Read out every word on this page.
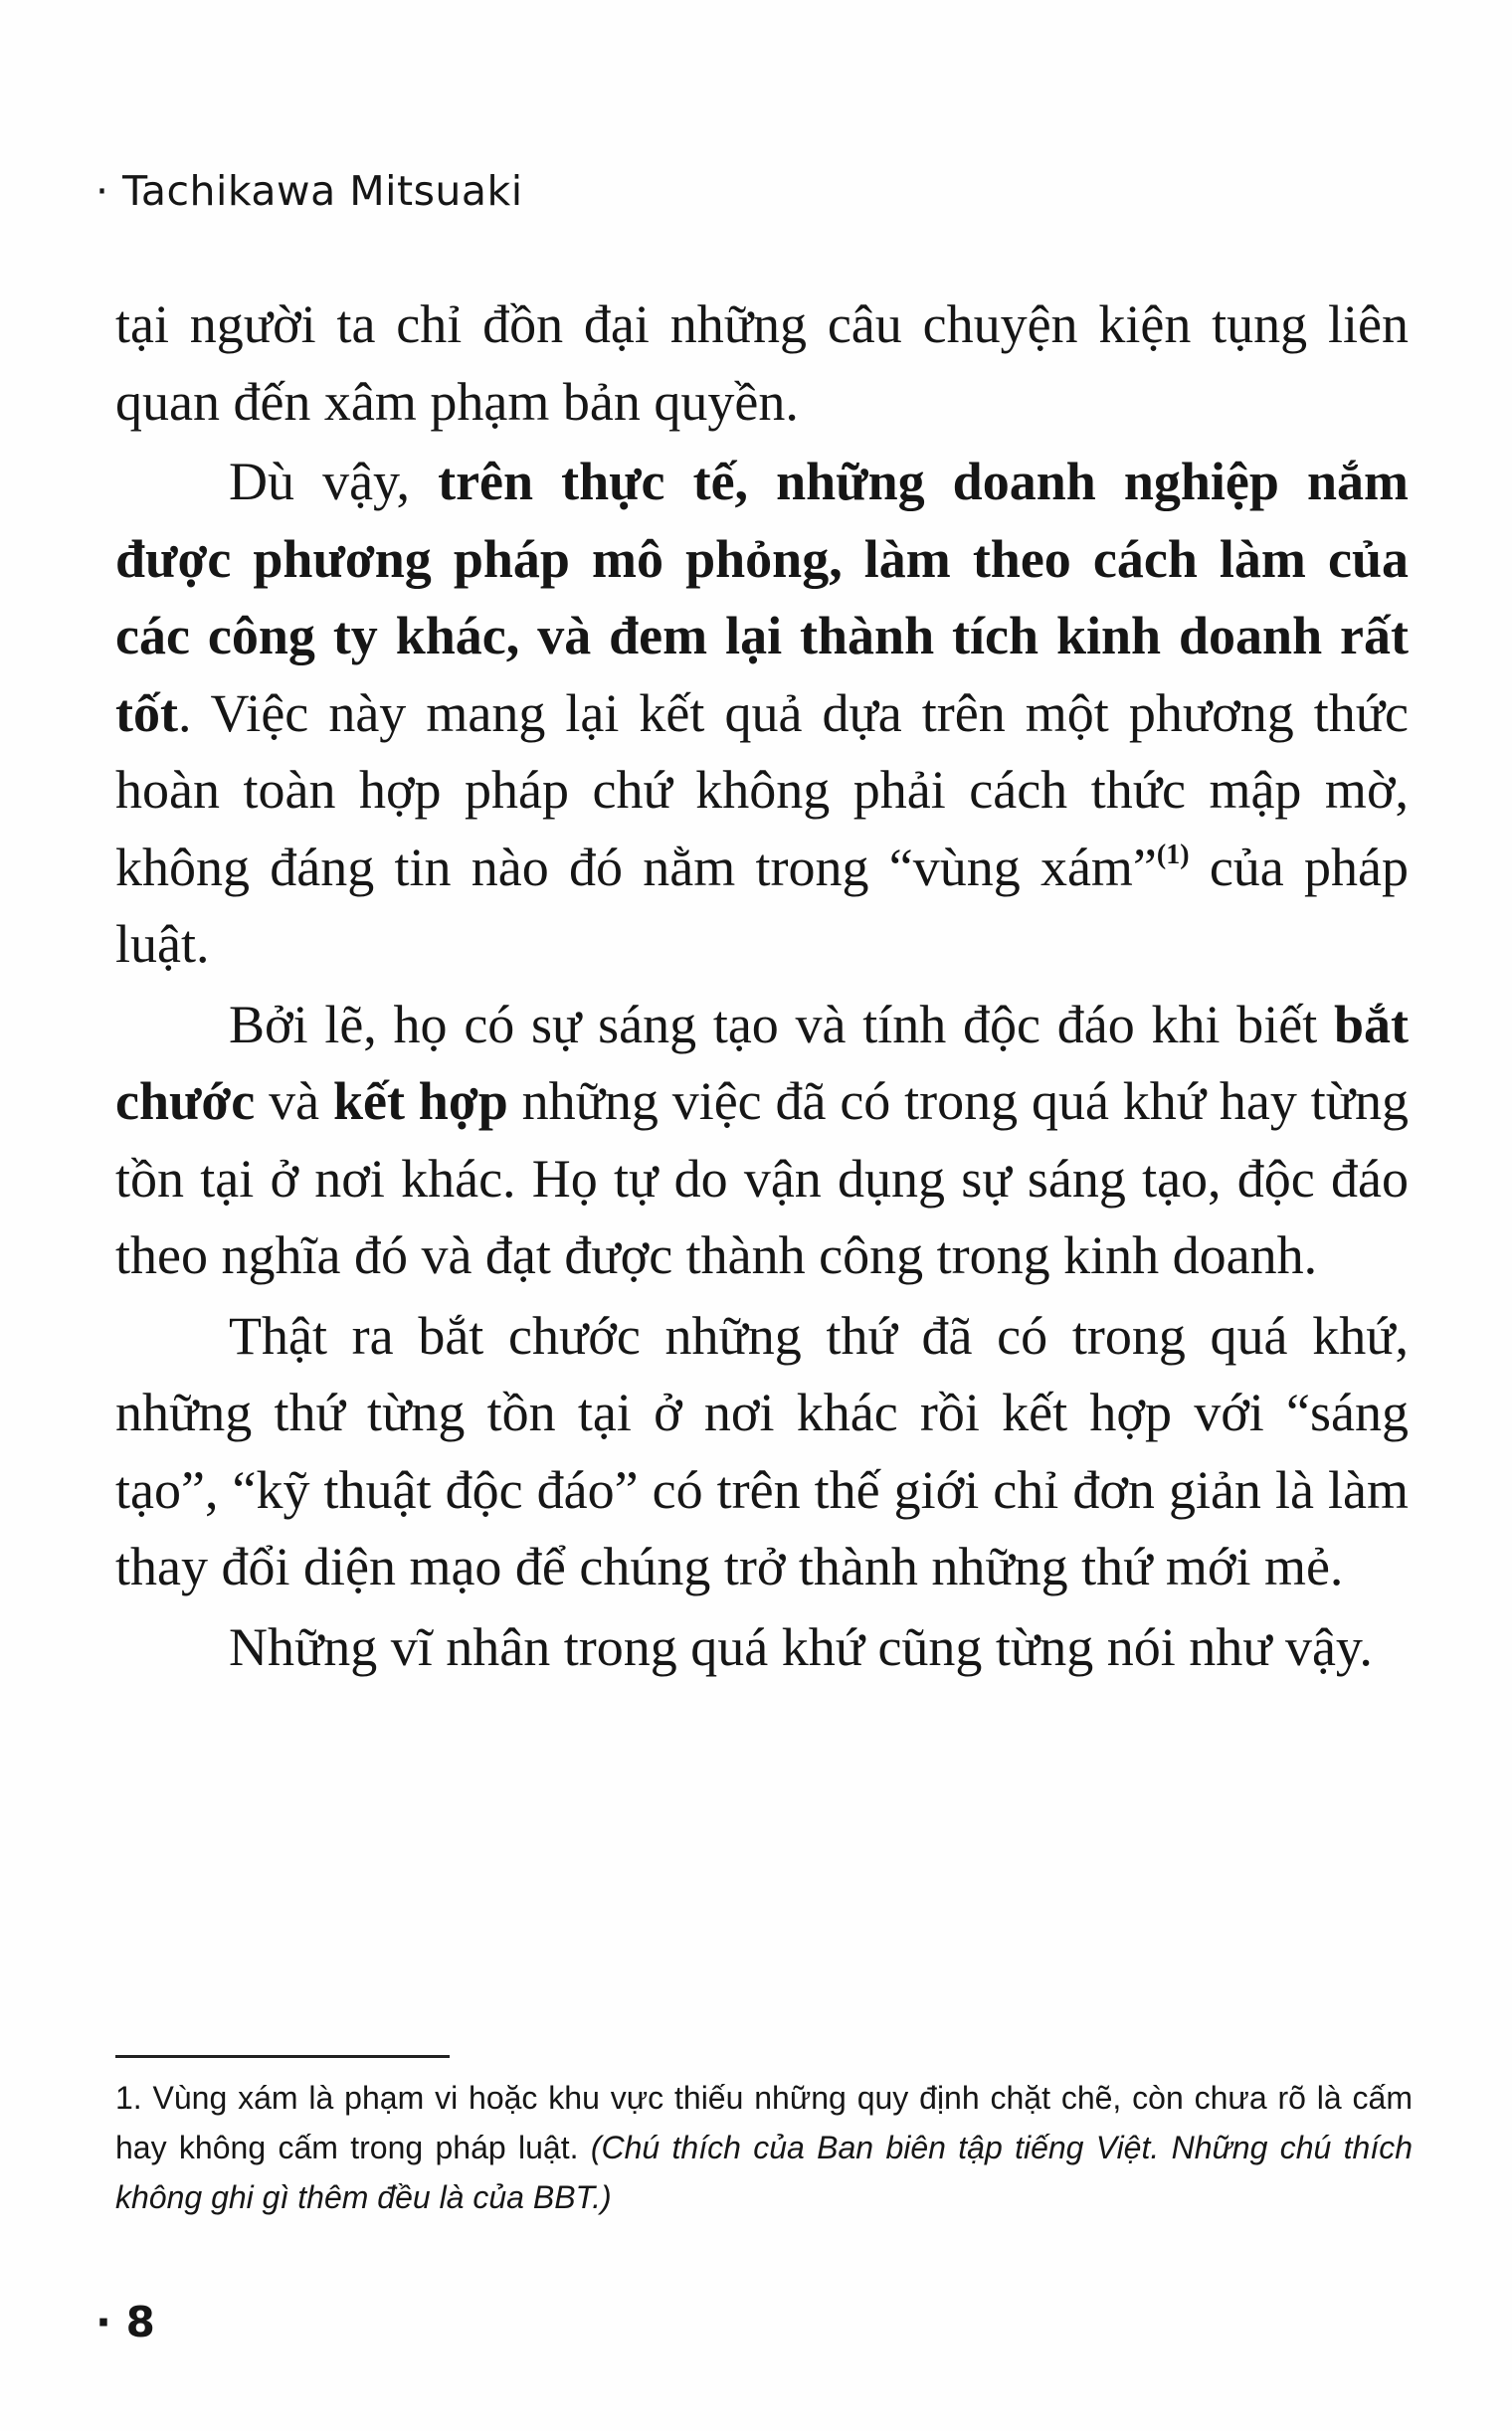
· Tachikawa Mitsuaki

tại người ta chỉ đồn đại những câu chuyện kiện tụng liên quan đến xâm phạm bản quyền.

Dù vậy, trên thực tế, những doanh nghiệp nắm được phương pháp mô phỏng, làm theo cách làm của các công ty khác, và đem lại thành tích kinh doanh rất tốt. Việc này mang lại kết quả dựa trên một phương thức hoàn toàn hợp pháp chứ không phải cách thức mập mờ, không đáng tin nào đó nằm trong “vùng xám”$^{(1)}$ của pháp luật.

Bởi lẽ, họ có sự sáng tạo và tính độc đáo khi biết bắt chước và kết hợp những việc đã có trong quá khứ hay từng tồn tại ở nơi khác. Họ tự do vận dụng sự sáng tạo, độc đáo theo nghĩa đó và đạt được thành công trong kinh doanh.

Thật ra bắt chước những thứ đã có trong quá khứ, những thứ từng tồn tại ở nơi khác rồi kết hợp với “sáng tạo”, “kỹ thuật độc đáo” có trên thế giới chỉ đơn giản là làm thay đổi diện mạo để chúng trở thành những thứ mới mẻ.

Những vĩ nhân trong quá khứ cũng từng nói như vậy.

1. Vùng xám là phạm vi hoặc khu vực thiếu những quy định chặt chẽ, còn chưa rõ là cấm hay không cấm trong pháp luật. (Chú thích của Ban biên tập tiếng Việt. Những chú thích không ghi gì thêm đều là của BBT.)
· 8
